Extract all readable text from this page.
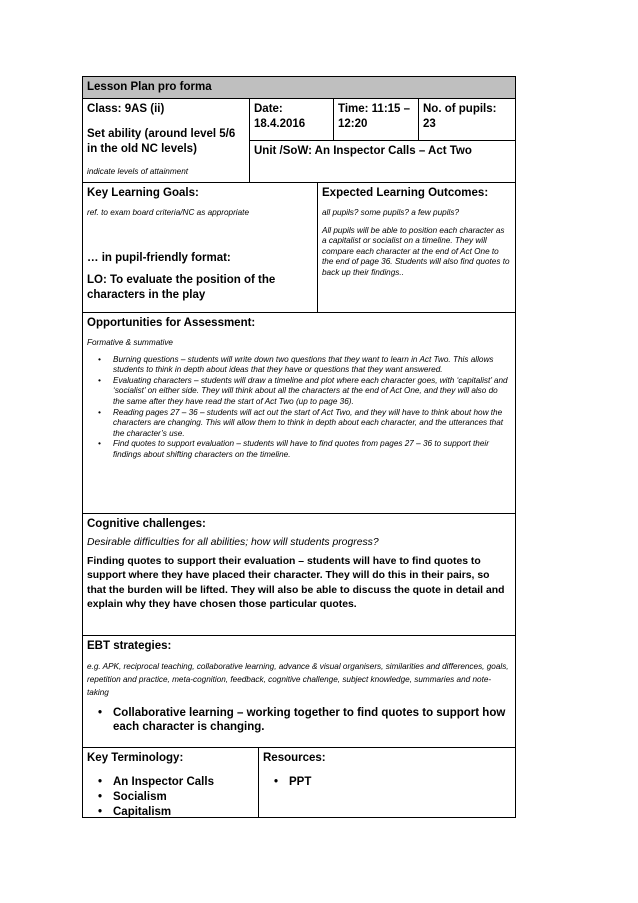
Lesson Plan pro forma
Class: 9AS (ii)
Set ability (around level 5/6 in the old NC levels)
indicate levels of attainment
Date:
18.4.2016
Time: 11:15 –
12:20
No. of pupils:
23
Unit /SoW: An Inspector Calls – Act Two
Key Learning Goals:
ref. to exam board criteria/NC as appropriate
… in pupil-friendly format:
LO: To evaluate the position of the characters in the play
Expected Learning Outcomes:
all pupils? some pupils? a few pupils?
All pupils will be able to position each character as a capitalist or socialist on a timeline. They will compare each character at the end of Act One to the end of page 36. Students will also find quotes to back up their findings..
Opportunities for Assessment:
Formative & summative
• Burning questions – students will write down two questions that they want to learn in Act Two. This allows students to think in depth about ideas that they have or questions that they want answered.
• Evaluating characters – students will draw a timeline and plot where each character goes, with ‘capitalist’ and ‘socialist’ on either side. They will think about all the characters at the end of Act One, and they will also do the same after they have read the start of Act Two (up to page 36).
• Reading pages 27 – 36 – students will act out the start of Act Two, and they will have to think about how the characters are changing. This will allow them to think in depth about each character, and the utterances that the character’s use.
• Find quotes to support evaluation – students will have to find quotes from pages 27 – 36 to support their findings about shifting characters on the timeline.
Cognitive challenges:
Desirable difficulties for all abilities; how will students progress?
Finding quotes to support their evaluation – students will have to find quotes to support where they have placed their character. They will do this in their pairs, so that the burden will be lifted. They will also be able to discuss the quote in detail and explain why they have chosen those particular quotes.
EBT strategies:
e.g. APK, reciprocal teaching, collaborative learning, advance & visual organisers, similarities and differences, goals, repetition and practice, meta-cognition, feedback, cognitive challenge, subject knowledge, summaries and note-taking
• Collaborative learning – working together to find quotes to support how each character is changing.
Key Terminology:
• An Inspector Calls
• Socialism
• Capitalism
Resources:
• PPT
